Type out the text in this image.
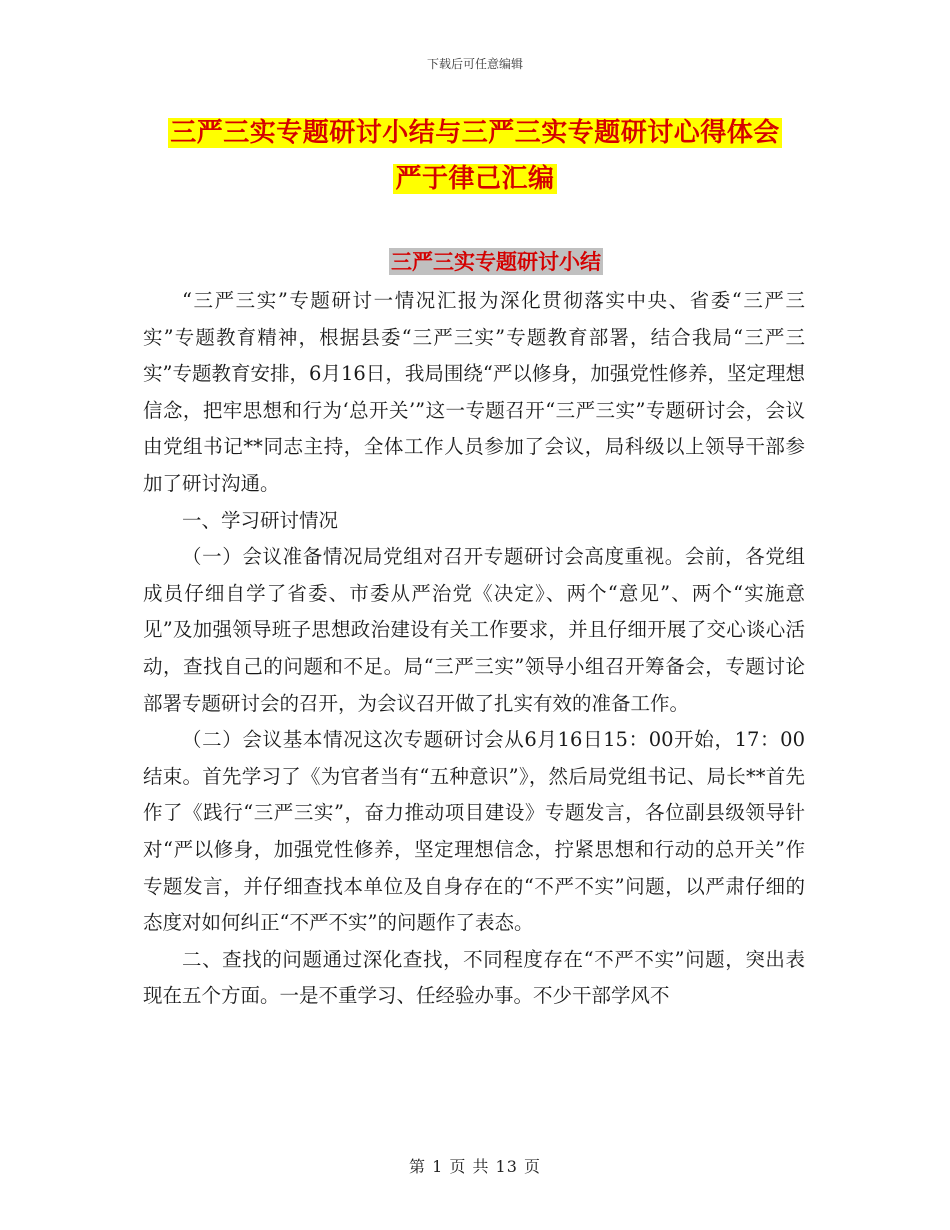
下载后可任意编辑
三严三实专题研讨小结与三严三实专题研讨心得体会
严于律己汇编
三严三实专题研讨小结

“三严三实”专题研讨一情况汇报为深化贯彻落实中央、省委“三严三实”专题教育精神，根据县委“三严三实”专题教育部署，结合我局“三严三实”专题教育安排，6月16日，我局围绕“严以修身，加强党性修养，坚定理想信念，把牢思想和行为‘总开关’”这一专题召开“三严三实”专题研讨会，会议由党组书记**同志主持，全体工作人员参加了会议，局科级以上领导干部参加了研讨沟通。

一、学习研讨情况

（一）会议准备情况局党组对召开专题研讨会高度重视。会前，各党组成员仔细自学了省委、市委从严治党《决定》、两个“意见”、两个“实施意见”及加强领导班子思想政治建设有关工作要求，并且仔细开展了交心谈心活动，查找自己的问题和不足。局“三严三实”领导小组召开筹备会，专题讨论部署专题研讨会的召开，为会议召开做了扎实有效的准备工作。

（二）会议基本情况这次专题研讨会从6月16日15：00开始，17：00结束。首先学习了《为官者当有“五种意识”》，然后局党组书记、局长**首先作了《践行“三严三实”，奋力推动项目建设》专题发言，各位副县级领导针对“严以修身，加强党性修养，坚定理想信念，拧紧思想和行动的总开关”作专题发言，并仔细查找本单位及自身存在的“不严不实”问题，以严肃仔细的态度对如何纠正“不严不实”的问题作了表态。

二、查找的问题通过深化查找，不同程度存在“不严不实”问题，突出表现在五个方面。一是不重学习、任经验办事。不少干部学风不

第 1 页 共 13 页
